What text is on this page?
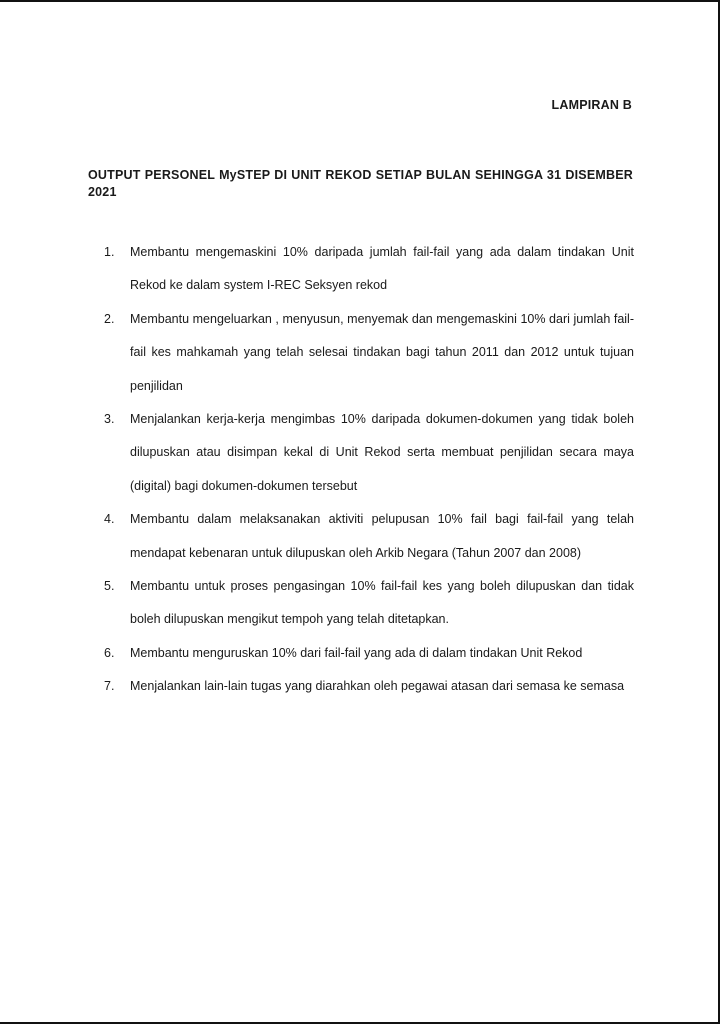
LAMPIRAN B
OUTPUT PERSONEL MySTEP DI UNIT REKOD SETIAP BULAN SEHINGGA 31 DISEMBER 2021
1.	Membantu mengemaskini 10% daripada jumlah fail-fail yang ada dalam tindakan Unit Rekod ke dalam system I-REC Seksyen rekod
2.	Membantu mengeluarkan , menyusun, menyemak dan mengemaskini 10% dari jumlah fail-fail kes mahkamah yang telah selesai tindakan bagi tahun 2011 dan 2012 untuk tujuan penjilidan
3.	Menjalankan kerja-kerja mengimbas 10% daripada dokumen-dokumen yang tidak boleh dilupuskan atau disimpan kekal di Unit Rekod serta membuat penjilidan secara maya (digital) bagi dokumen-dokumen tersebut
4.	Membantu dalam melaksanakan aktiviti pelupusan 10% fail bagi fail-fail yang telah mendapat kebenaran untuk dilupuskan oleh Arkib Negara (Tahun 2007 dan 2008)
5.	Membantu untuk proses pengasingan 10% fail-fail kes yang boleh dilupuskan dan tidak boleh dilupuskan mengikut tempoh yang telah ditetapkan.
6.	Membantu menguruskan 10% dari fail-fail yang ada di dalam tindakan Unit Rekod
7.	Menjalankan lain-lain tugas yang diarahkan oleh pegawai atasan dari semasa ke semasa
